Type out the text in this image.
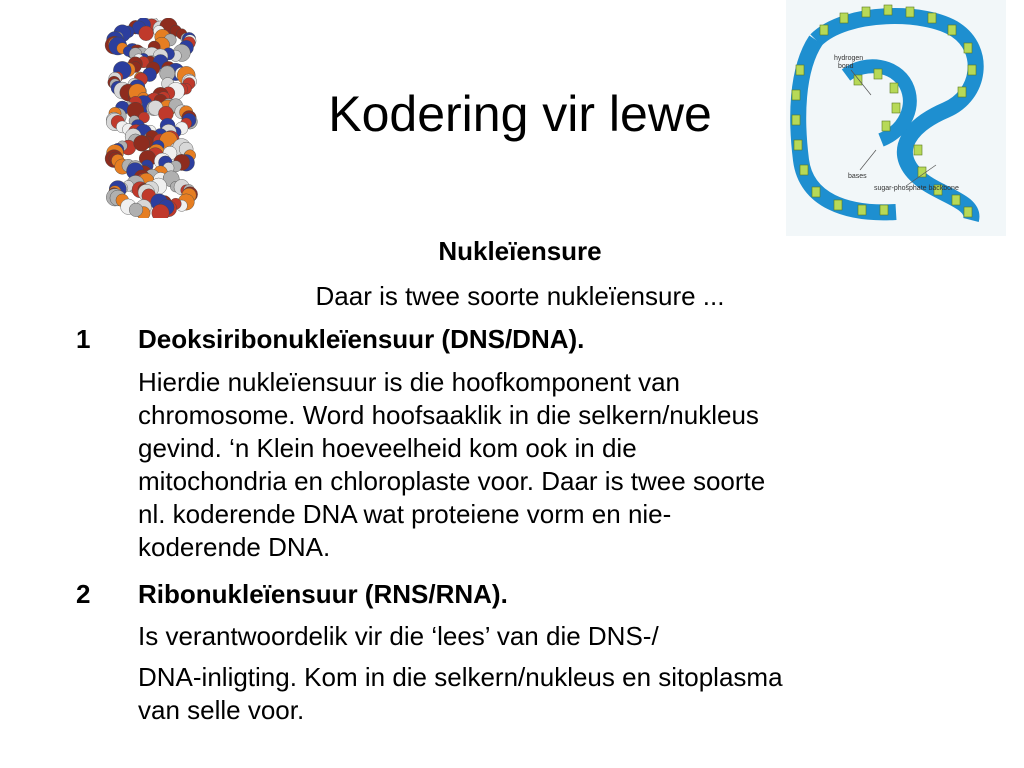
hydrogen
bond
bases
sugar-phosphate backbone
Kodering vir lewe
Nukleïensure
Daar is twee soorte nukleïensure ...
1 Deoksiribonukleïensuur (DNS/DNA).
Hierdie nukleïensuur is die hoofkomponent van
chromosome. Word hoofsaaklik in die selkern/nukleus
gevind. ‘n Klein hoeveelheid kom ook in die
mitochondria en chloroplaste voor. Daar is twee soorte
nl. koderende DNA wat proteiene vorm en nie-
koderende DNA.
2 Ribonukleïensuur (RNS/RNA).
Is verantwoordelik vir die ‘lees’ van die DNS-/
DNA-inligting. Kom in die selkern/nukleus en sitoplasma
van selle voor.
